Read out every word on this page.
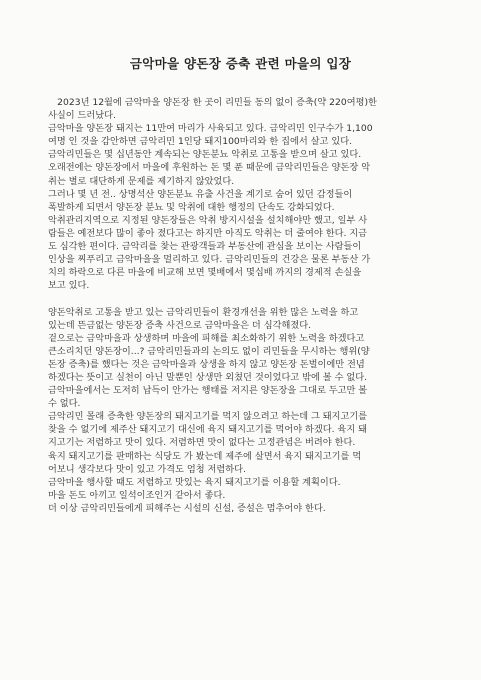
금악마을 양돈장 증축 관련 마을의 입장

　2023년 12월에 금악마을 양돈장 한 곳이 리민들 동의 없이 증축(약 220여평)한

사실이 드러났다.

금악마을 양돈장 돼지는 11만여 마리가 사육되고 있다. 금악리민 인구수가 1,100

여명 인 것을 감안하면 금악리민 1인당 돼지100마리와 한 집에서 살고 있다.

금악리민들은 몇 십년동안 계속되는 양돈분뇨 악취로 고통을 받으며 살고 있다.

오래전에는 양돈장에서 마을에 후원하는 돈 몇 푼 때문에 금악리민들은 양돈장 악

취는 별로 대단하게 문제를 제기하지 않았었다.

그러나 몇 년 전.. 상명석산 양돈분뇨 유출 사건을 계기로 숨어 있던 감정들이

폭발하게 되면서 양돈장 분뇨 및 악취에 대한 행정의 단속도 강화되었다.

악취관리지역으로 지정된 양돈장들은 악취 방지시설을 설치해야만 했고, 일부 사

람들은 예전보다 많이 좋아 졌다고는 하지만 아직도 악취는 더 줄여야 한다. 지금

도 심각한 편이다. 금악리를 찾는 관광객들과 부동산에 관심을 보이는 사람들이

인상을 찌푸리고 금악마을을 멀리하고 있다. 금악리민들의 건강은 물론 부동산 가

치의 하락으로 다른 마을에 비교해 보면 몇배에서 몇십배 까지의 경제적 손실을

보고 있다.

양돈악취로 고통을 받고 있는 금악리민들이 환경개선을 위한 많은 노력을 하고

있는데 뜬금없는 양돈장 증축 사건으로 금악마을은 더 심각해졌다.

겉으로는 금악마을과 상생하며 마을에 피해를 최소화하기 위한 노력을 하겠다고

큰소리치던 양돈장이...? 금악리민들과의 논의도 없이 리민들을 무시하는 행위(양

돈장 증축)를 했다는 것은 금악마을과 상생을 하지 않고 양돈장 돈벌이에만 전념

하겠다는 뜻이고 실천이 아닌 말뿐인 상생만 외쳤던 것이었다고 밖에 볼 수 없다.

금악마을에서는 도저히 납득이 안가는 행태를 저지른 양돈장을 그대로 두고만 볼

수 없다.

금악리민 몰래 증축한 양돈장의 돼지고기를 먹지 않으려고 하는데 그 돼지고기를

찾을 수 없기에 제주산 돼지고기 대신에 육지 돼지고기를 먹어야 하겠다. 육지 돼

지고기는 저렴하고 맛이 있다. 저렴하면 맛이 없다는 고정관념은 버려야 한다.

육지 돼지고기를 판매하는 식당도 가 봤는데 제주에 살면서 육지 돼지고기를 먹

어보니 생각보다 맛이 있고 가격도 엄청 저렴하다.

금악마을 행사할 때도 저렴하고 맛있는 육지 돼지고기를 이용할 계획이다.

마을 돈도 아끼고 일석이조인거 같아서 좋다.

더 이상 금악리민들에게 피해주는 시설의 신설, 증설은 멈추어야 한다.
